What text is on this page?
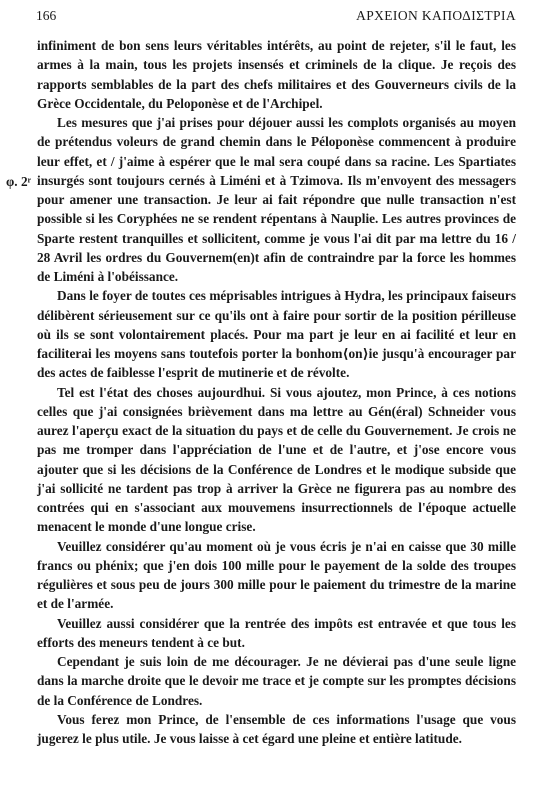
166	ΑΡΧΕΙΟΝ ΚΑΠΟΔΙΣΤΡΙΑ
φ. 2ʳ

infiniment de bon sens leurs véritables intérêts, au point de rejeter, s'il le faut, les armes à la main, tous les projets insensés et criminels de la clique. Je reçois des rapports semblables de la part des chefs militaires et des Gouverneurs civils de la Grèce Occidentale, du Peloponèse et de l'Archipel.

Les mesures que j'ai prises pour déjouer aussi les complots organisés au moyen de prétendus voleurs de grand chemin dans le Péloponèse commencent à produire leur effet, et / j'aime à espérer que le mal sera coupé dans sa racine. Les Spartiates insurgés sont toujours cernés à Liméni et à Tzimova. Ils m'envoyent des messagers pour amener une transaction. Je leur ai fait répondre que nulle transaction n'est possible si les Coryphées ne se rendent répentans à Nauplie. Les autres provinces de Sparte restent tranquilles et sollicitent, comme je vous l'ai dit par ma lettre du 16 / 28 Avril les ordres du Gouvernem(en)t afin de contraindre par la force les hommes de Liméni à l'obéissance.

Dans le foyer de toutes ces méprisables intrigues à Hydra, les principaux faiseurs délibèrent sérieusement sur ce qu'ils ont à faire pour sortir de la position périlleuse où ils se sont volontairement placés. Pour ma part je leur en ai facilité et leur en faciliterai les moyens sans toutefois porter la bonhom⟨on⟩ie jusqu'à encourager par des actes de faiblesse l'esprit de mutinerie et de révolte.

Tel est l'état des choses aujourdhui. Si vous ajoutez, mon Prince, à ces notions celles que j'ai consignées brièvement dans ma lettre au Gén(éral) Schneider vous aurez l'aperçu exact de la situation du pays et de celle du Gouvernement. Je crois ne pas me tromper dans l'appréciation de l'une et de l'autre, et j'ose encore vous ajouter que si les décisions de la Conférence de Londres et le modique subside que j'ai sollicité ne tardent pas trop à arriver la Grèce ne figurera pas au nombre des contrées qui en s'associant aux mouvemens insurrectionnels de l'époque actuelle menacent le monde d'une longue crise.

Veuillez considérer qu'au moment où je vous écris je n'ai en caisse que 30 mille francs ou phénix; que j'en dois 100 mille pour le payement de la solde des troupes régulières et sous peu de jours 300 mille pour le paiement du trimestre de la marine et de l'armée.

Veuillez aussi considérer que la rentrée des impôts est entravée et que tous les efforts des meneurs tendent à ce but.

Cependant je suis loin de me décourager. Je ne dévierai pas d'une seule ligne dans la marche droite que le devoir me trace et je compte sur les promptes décisions de la Conférence de Londres.

Vous ferez mon Prince, de l'ensemble de ces informations l'usage que vous jugerez le plus utile. Je vous laisse à cet égard une pleine et entière latitude.
